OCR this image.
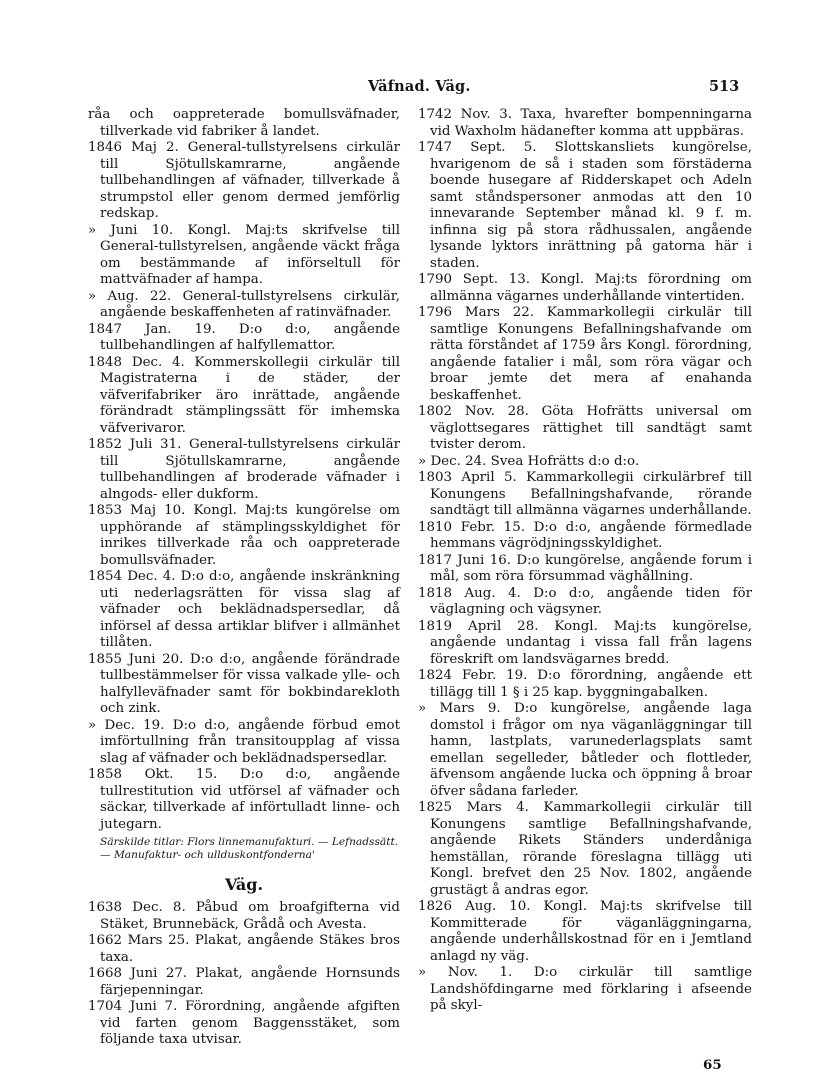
Väfnad. Väg.	513

råa och oappreterade bomullsväfnader, tillverkade vid fabriker å landet.

1846 Maj 2. General-tullstyrelsens cirkulär till Sjötullskamrarne, angående tullbehandlingen af väfnader, tillverkade å strumpstol eller genom dermed jemförlig redskap.

» Juni 10. Kongl. Maj:ts skrifvelse till General-tullstyrelsen, angående väckt fråga om bestämmande af införseltull för mattväfnader af hampa.

» Aug. 22. General-tullstyrelsens cirkulär, angående beskaffenheten af ratinväfnader.

1847 Jan. 19. D:o d:o, angående tullbehandlingen af halfyllemattor.

1848 Dec. 4. Kommerskollegii cirkulär till Magistraterna i de städer, der väfverifabriker äro inrättade, angående förändradt stämplingssätt för imhemska väfverivaror.

1852 Juli 31. General-tullstyrelsens cirkulär till Sjötullskamrarne, angående tullbehandlingen af broderade väfnader i alngods- eller dukform.

1853 Maj 10. Kongl. Maj:ts kungörelse om upphörande af stämplingsskyldighet för inrikes tillverkade råa och oappreterade bomullsväfnader.

1854 Dec. 4. D:o d:o, angående inskränkning uti nederlagsrätten för vissa slag af väfnader och beklädnadspersedlar, då införsel af dessa artiklar blifver i allmänhet tillåten.

1855 Juni 20. D:o d:o, angående förändrade tullbestämmelser för vissa valkade ylle- och halfylleväfnader samt för bokbindarekloth och zink.

» Dec. 19. D:o d:o, angående förbud emot imförtullning från transitoupplag af vissa slag af väfnader och beklädnadspersedlar.

1858 Okt. 15. D:o d:o, angående tullrestitution vid utförsel af väfnader och säckar, tillverkade af införtulladt linne- och jutegarn.

Särskilde titlar: Flors linnemanufakturi. — Lefnadssätt. — Manufaktur- och ullduskontfonderna'

Väg.

1638 Dec. 8. Påbud om broafgifterna vid Stäket, Brunnebäck, Grådå och Avesta.

1662 Mars 25. Plakat, angående Stäkes bros taxa.

1668 Juni 27. Plakat, angående Hornsunds färjepenningar.

1704 Juni 7. Förordning, angående afgiften vid farten genom Baggensstäket, som följande taxa utvisar.

1742 Nov. 3. Taxa, hvarefter bompenningarna vid Waxholm hädanefter komma att uppbäras.

1747 Sept. 5. Slottskansliets kungörelse, hvarigenom de så i staden som förstäderna boende husegare af Ridderskapet och Adeln samt ståndspersoner anmodas att den 10 innevarande September månad kl. 9 f. m. infinna sig på stora rådhussalen, angående lysande lyktors inrättning på gatorna här i staden.

1790 Sept. 13. Kongl. Maj:ts förordning om allmänna vägarnes underhållande vintertiden.

1796 Mars 22. Kammarkollegii cirkulär till samtlige Konungens Befallningshafvande om rätta förståndet af 1759 års Kongl. förordning, angående fatalier i mål, som röra vägar och broar jemte det mera af enahanda beskaffenhet.

1802 Nov. 28. Göta Hofrätts universal om väglottsegares rättighet till sandtägt samt tvister derom.

» Dec. 24. Svea Hofrätts d:o d:o.

1803 April 5. Kammarkollegii cirkulärbref till Konungens Befallningshafvande, rörande sandtägt till allmänna vägarnes underhållande.

1810 Febr. 15. D:o d:o, angående förmedlade hemmans vägrödjningsskyldighet.

1817 Juni 16. D:o kungörelse, angående forum i mål, som röra försummad väghållning.

1818 Aug. 4. D:o d:o, angående tiden för väglagning och vägsyner.

1819 April 28. Kongl. Maj:ts kungörelse, angående undantag i vissa fall från lagens föreskrift om landsvägarnes bredd.

1824 Febr. 19. D:o förordning, angående ett tillägg till 1 § i 25 kap. byggningabalken.

» Mars 9. D:o kungörelse, angående laga domstol i frågor om nya väganläggningar till hamn, lastplats, varunederlagsplats samt emellan segelleder, båtleder och flottleder, äfvensom angående lucka och öppning å broar öfver sådana farleder.

1825 Mars 4. Kammarkollegii cirkulär till Konungens samtlige Befallningshafvande, angående Rikets Ständers underdåniga hemställan, rörande föreslagna tillägg uti Kongl. brefvet den 25 Nov. 1802, angående grustägt å andras egor.

1826 Aug. 10. Kongl. Maj:ts skrifvelse till Kommitterade för väganläggningarna, angående underhållskostnad för en i Jemtland anlagd ny väg.

» Nov. 1. D:o cirkulär till samtlige Landshöfdingarne med förklaring i afseende på skyl-

65
